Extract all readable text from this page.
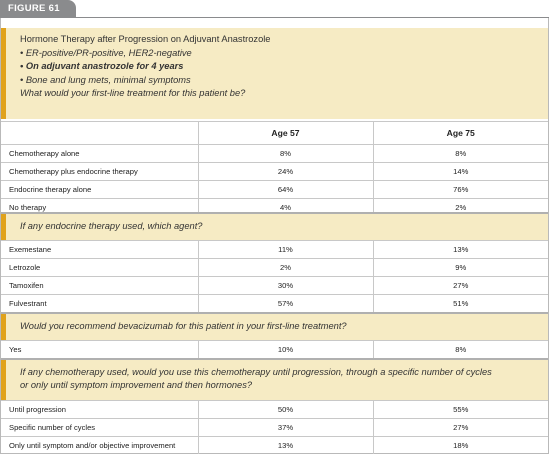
FIGURE 61
Hormone Therapy after Progression on Adjuvant Anastrozole
• ER-positive/PR-positive, HER2-negative
• On adjuvant anastrozole for 4 years
• Bone and lung mets, minimal symptoms
What would your first-line treatment for this patient be?
	Age 57	Age 75
Chemotherapy alone	8%	8%
Chemotherapy plus endocrine therapy	24%	14%
Endocrine therapy alone	64%	76%
No therapy	4%	2%
If any endocrine therapy used, which agent?
Exemestane	11%	13%
Letrozole	2%	9%
Tamoxifen	30%	27%
Fulvestrant	57%	51%
Would you recommend bevacizumab for this patient in your first-line treatment?
Yes	10%	8%
If any chemotherapy used, would you use this chemotherapy until progression, through a specific number of cycles
or only until symptom improvement and then hormones?
Until progression	50%	55%
Specific number of cycles	37%	27%
Only until symptom and/or objective improvement	13%	18%
